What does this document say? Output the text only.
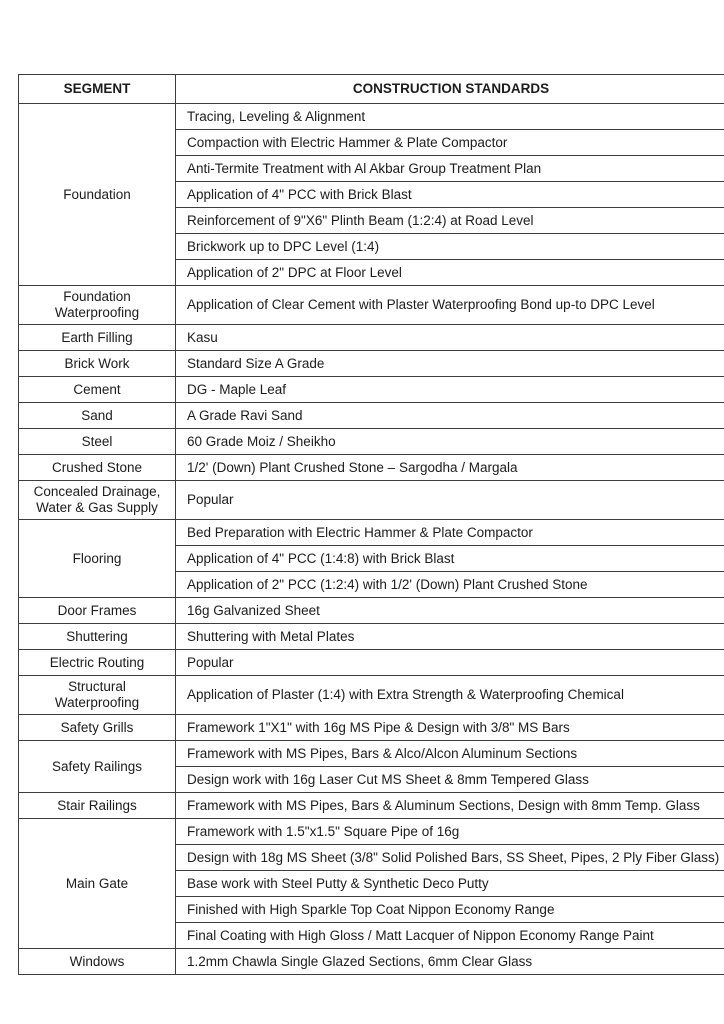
SEGMENT	CONSTRUCTION STANDARDS
Foundation	Tracing, Leveling & Alignment
	Compaction with Electric Hammer & Plate Compactor
	Anti-Termite Treatment with Al Akbar Group Treatment Plan
	Application of 4" PCC with Brick Blast
	Reinforcement of 9"X6" Plinth Beam (1:2:4) at Road Level
	Brickwork up to DPC Level (1:4)
	Application of 2" DPC at Floor Level
Foundation Waterproofing	Application of Clear Cement with Plaster Waterproofing Bond up-to DPC Level
Earth Filling	Kasu
Brick Work	Standard Size A Grade
Cement	DG - Maple Leaf
Sand	A Grade Ravi Sand
Steel	60 Grade Moiz / Sheikho
Crushed Stone	1/2' (Down) Plant Crushed Stone – Sargodha / Margala
Concealed Drainage, Water & Gas Supply	Popular
Flooring	Bed Preparation with Electric Hammer & Plate Compactor
	Application of 4" PCC (1:4:8) with Brick Blast
	Application of 2" PCC (1:2:4) with 1/2' (Down) Plant Crushed Stone
Door Frames	16g Galvanized Sheet
Shuttering	Shuttering with Metal Plates
Electric Routing	Popular
Structural Waterproofing	Application of Plaster (1:4) with Extra Strength & Waterproofing Chemical
Safety Grills	Framework 1"X1" with 16g MS Pipe & Design with 3/8" MS Bars
Safety Railings	Framework with MS Pipes, Bars & Alco/Alcon Aluminum Sections
	Design work with 16g Laser Cut MS Sheet & 8mm Tempered Glass
Stair Railings	Framework with MS Pipes, Bars & Aluminum Sections, Design with 8mm Temp. Glass
Main Gate	Framework with 1.5"x1.5" Square Pipe of 16g
	Design with 18g MS Sheet (3/8" Solid Polished Bars, SS Sheet, Pipes, 2 Ply Fiber Glass)
	Base work with Steel Putty & Synthetic Deco Putty
	Finished with High Sparkle Top Coat Nippon Economy Range
	Final Coating with High Gloss / Matt Lacquer of Nippon Economy Range Paint
Windows	1.2mm Chawla Single Glazed Sections, 6mm Clear Glass
